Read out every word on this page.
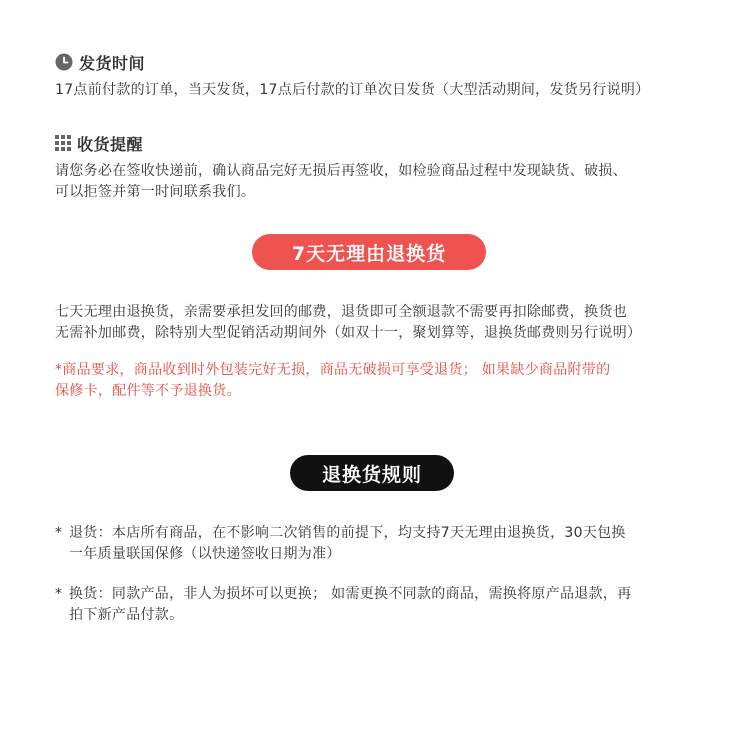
发货时间
17点前付款的订单，当天发货，17点后付款的订单次日发货（大型活动期间，发货另行说明）
收货提醒
请您务必在签收快递前，确认商品完好无损后再签收，如检验商品过程中发现缺货、破损、
可以拒签并第一时间联系我们。
7天无理由退换货
七天无理由退换货，亲需要承担发回的邮费，退货即可全额退款不需要再扣除邮费，换货也
无需补加邮费，除特别大型促销活动期间外（如双十一，聚划算等，退换货邮费则另行说明）
*商品要求，商品收到时外包装完好无损，商品无破损可享受退货； 如果缺少商品附带的
保修卡，配件等不予退换货。
退换货规则
* 退货：本店所有商品，在不影响二次销售的前提下，均支持7天无理由退换货，30天包换
一年质量联国保修（以快递签收日期为准）
* 换货：同款产品，非人为损坏可以更换； 如需更换不同款的商品，需换将原产品退款，再
拍下新产品付款。
